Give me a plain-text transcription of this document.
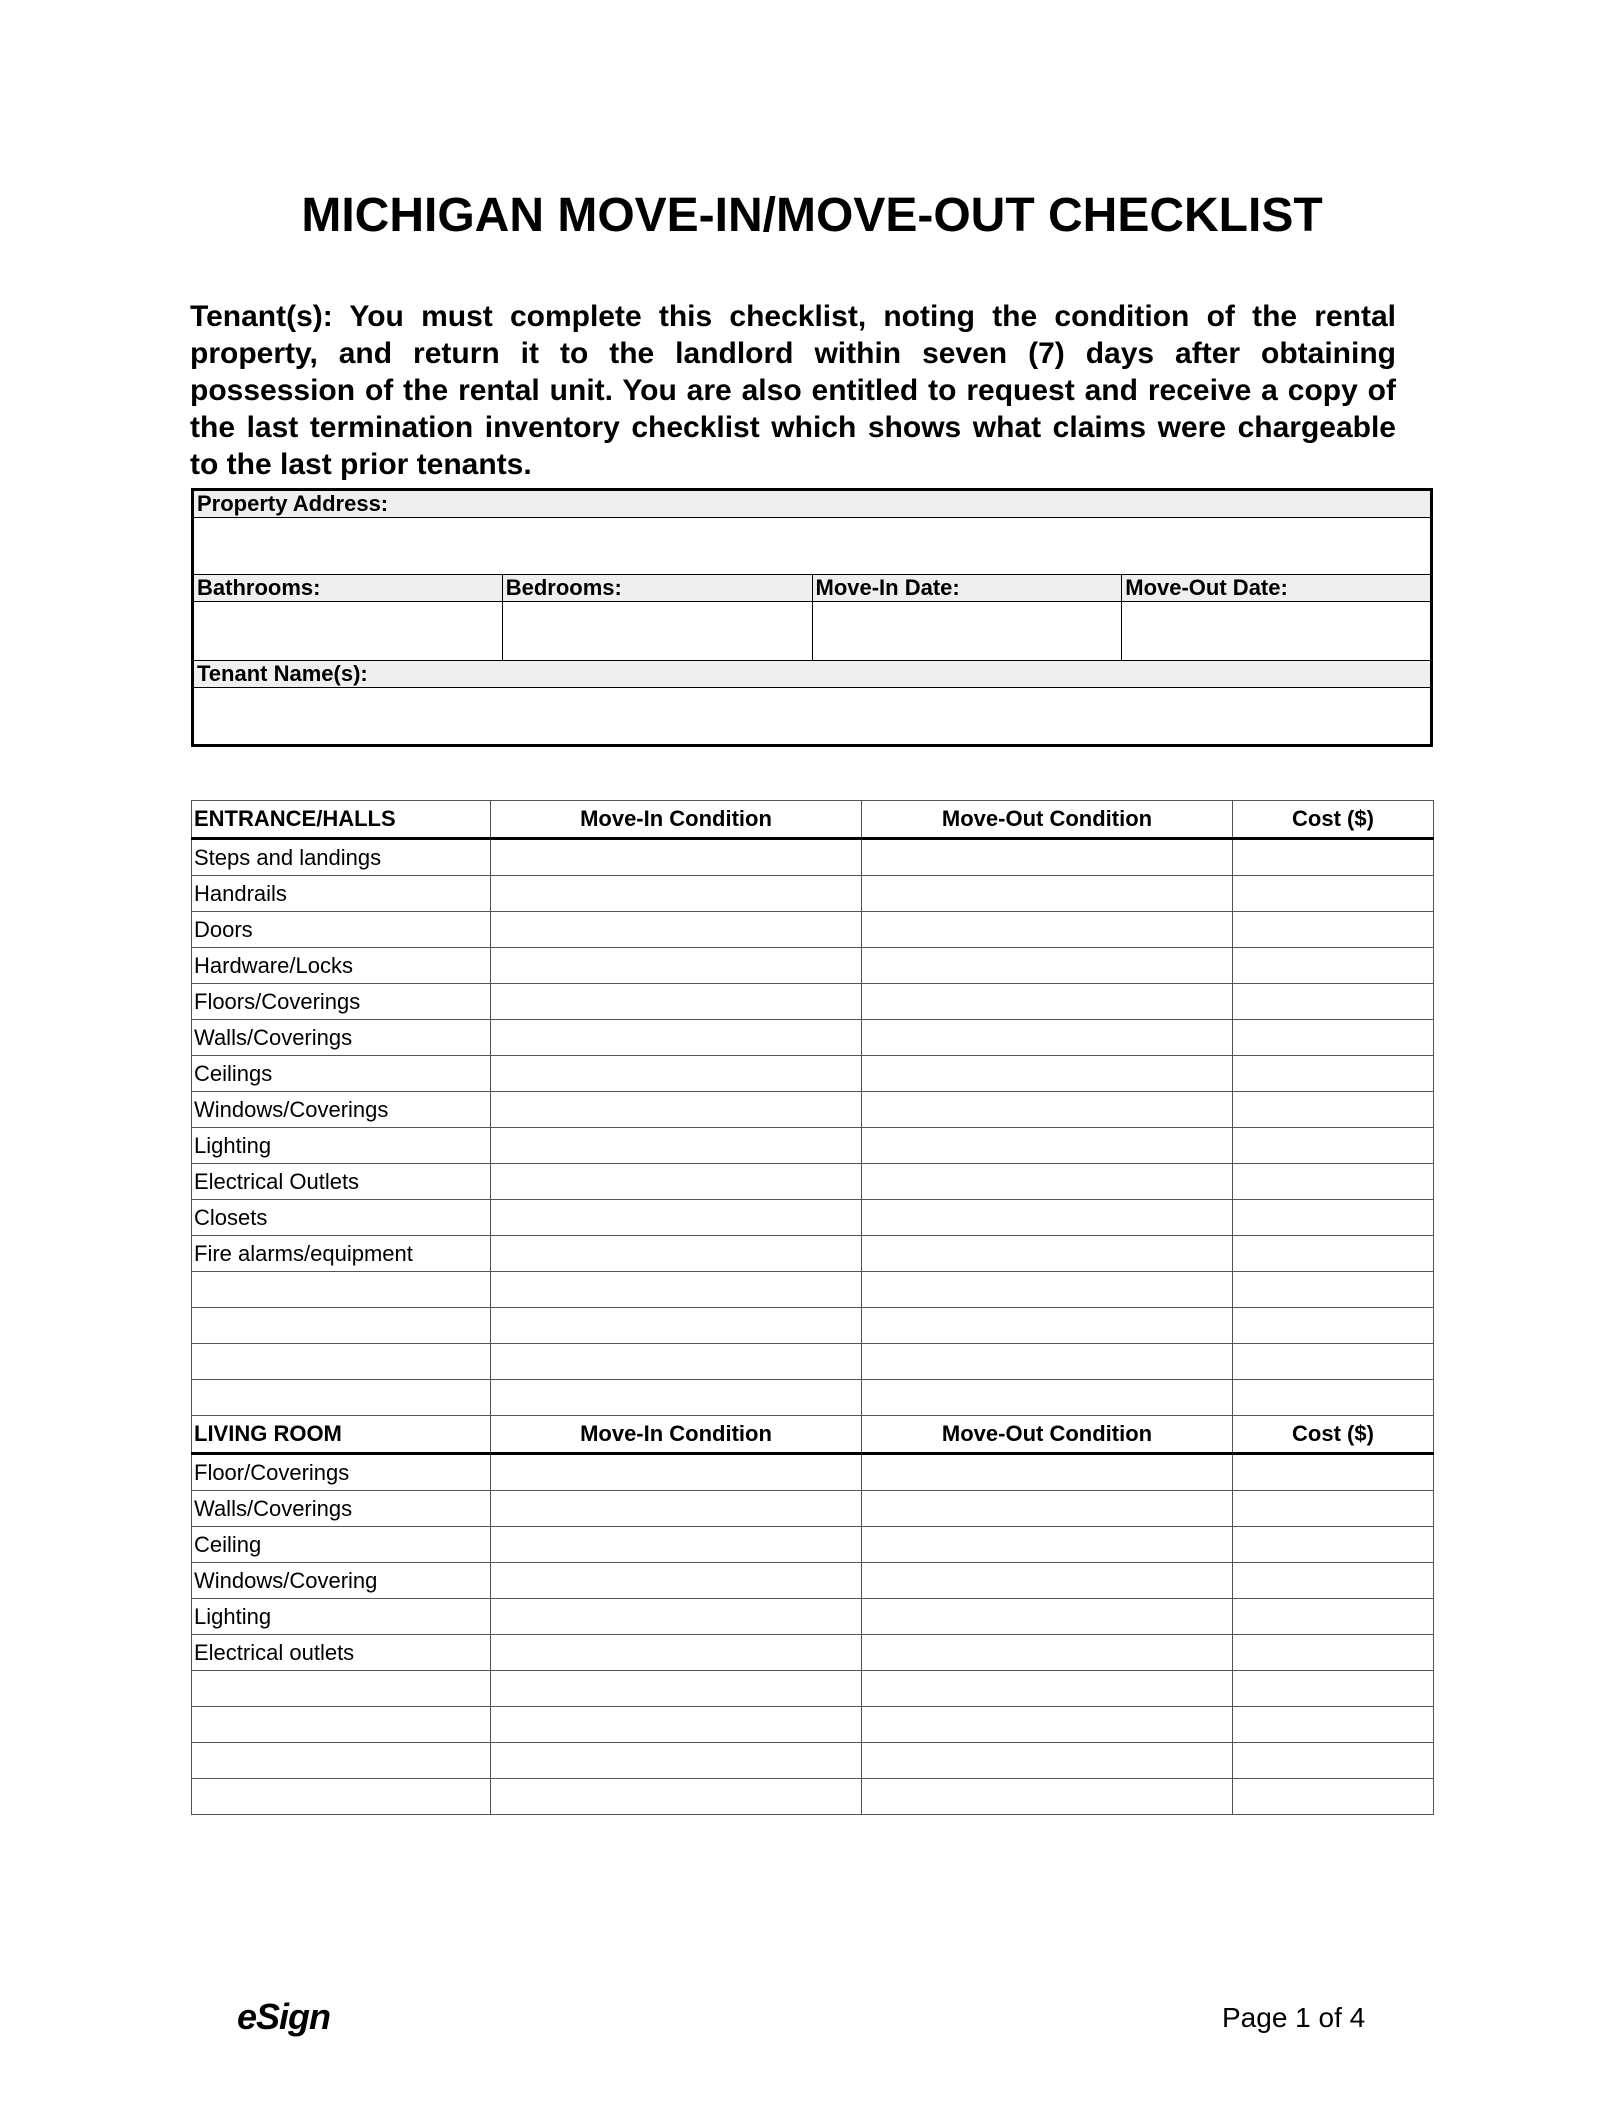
MICHIGAN MOVE-IN/MOVE-OUT CHECKLIST
Tenant(s): You must complete this checklist, noting the condition of the rental property, and return it to the landlord within seven (7) days after obtaining possession of the rental unit. You are also entitled to request and receive a copy of the last termination inventory checklist which shows what claims were chargeable to the last prior tenants.
Property Address:			

Bathrooms:	Bedrooms:	Move-In Date:	Move-Out Date:

Tenant Name(s):			

ENTRANCE/HALLS	Move-In Condition	Move-Out Condition	Cost ($)
Steps and landings			
Handrails			
Doors			
Hardware/Locks			
Floors/Coverings			
Walls/Coverings			
Ceilings			
Windows/Coverings			
Lighting			
Electrical Outlets			
Closets			
Fire alarms/equipment			

LIVING ROOM	Move-In Condition	Move-Out Condition	Cost ($)
Floor/Coverings			
Walls/Coverings			
Ceiling			
Windows/Covering			
Lighting			
Electrical outlets			

eSign	Page 1 of 4
